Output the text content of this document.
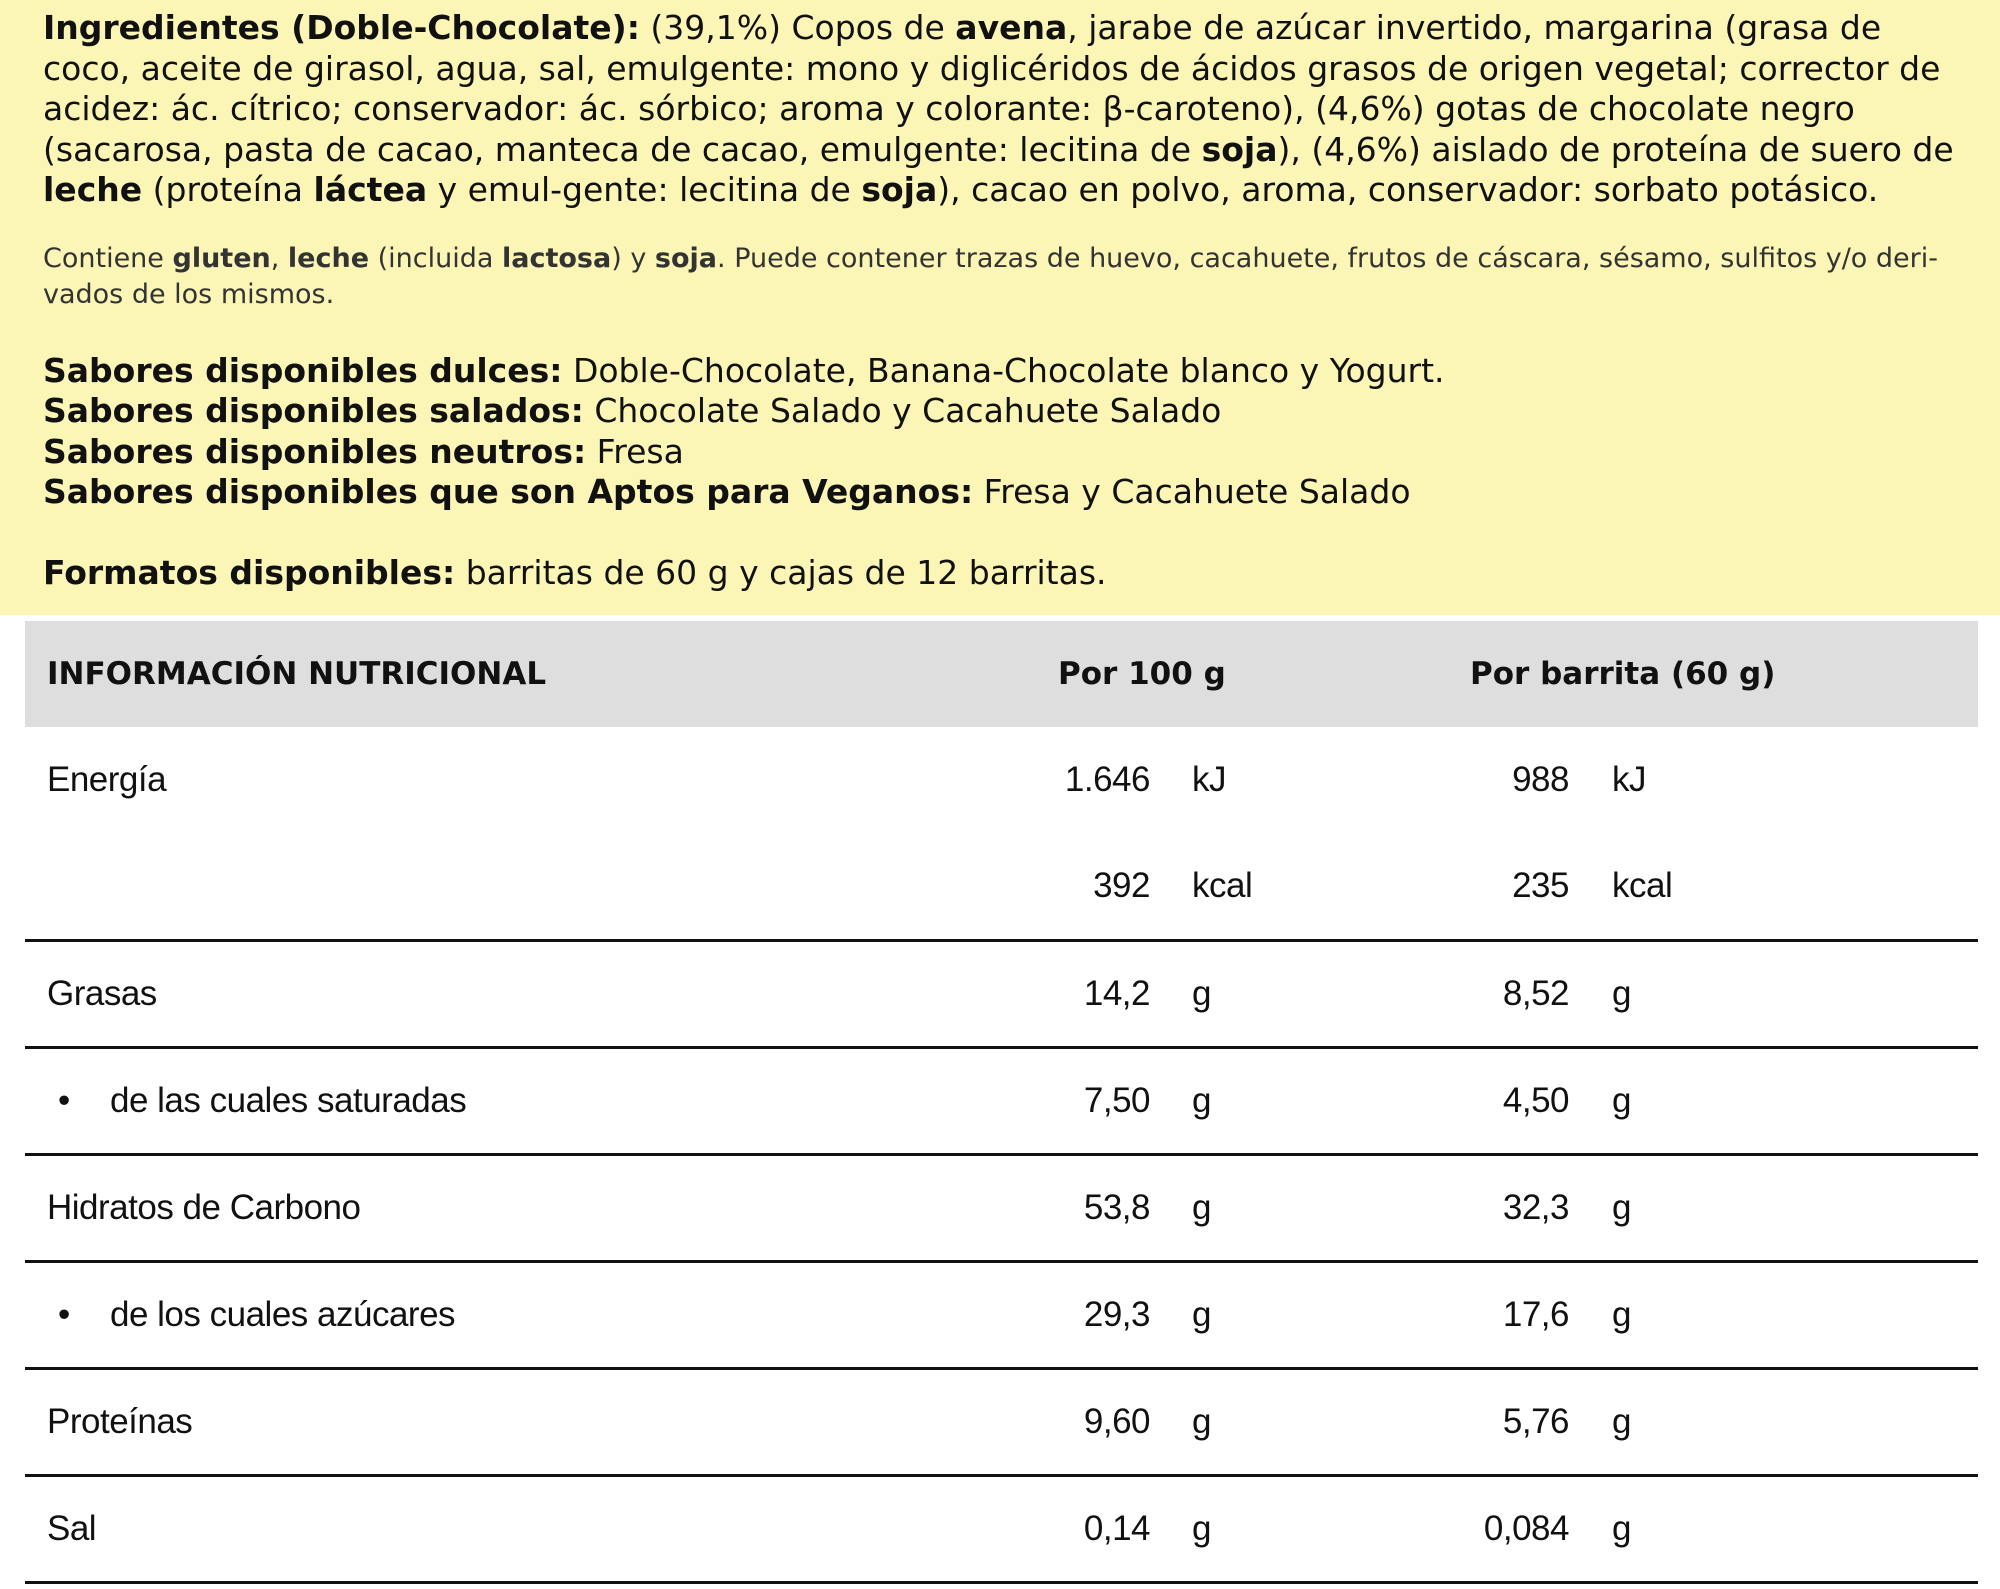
Ingredientes (Doble-Chocolate): (39,1%) Copos de avena, jarabe de azúcar invertido, margarina (grasa de coco, aceite de girasol, agua, sal, emulgente: mono y diglicéridos de ácidos grasos de origen vegetal; corrector de acidez: ác. cítrico; conservador: ác. sórbico; aroma y colorante: β-caroteno), (4,6%) gotas de chocolate negro (sacarosa, pasta de cacao, manteca de cacao, emulgente: lecitina de soja), (4,6%) aislado de proteína de suero de leche (proteína láctea y emul-gente: lecitina de soja), cacao en polvo, aroma, conservador: sorbato potásico.

Contiene gluten, leche (incluida lactosa) y soja. Puede contener trazas de huevo, cacahuete, frutos de cáscara, sésamo, sulfitos y/o deri-vados de los mismos.

Sabores disponibles dulces: Doble-Chocolate, Banana-Chocolate blanco y Yogurt.
Sabores disponibles salados: Chocolate Salado y Cacahuete Salado
Sabores disponibles neutros: Fresa
Sabores disponibles que son Aptos para Veganos: Fresa y Cacahuete Salado
Formatos disponibles: barritas de 60 g y cajas de 12 barritas.
INFORMACIÓN NUTRICIONAL	Por 100 g	Por barrita (60 g)
Energía	1.646 kJ	988 kJ
392 kcal	235 kcal
Grasas	14,2 g	8,52 g
• de las cuales saturadas	7,50 g	4,50 g
Hidratos de Carbono	53,8 g	32,3 g
• de los cuales azúcares	29,3 g	17,6 g
Proteínas	9,60 g	5,76 g
Sal	0,14 g	0,084 g
